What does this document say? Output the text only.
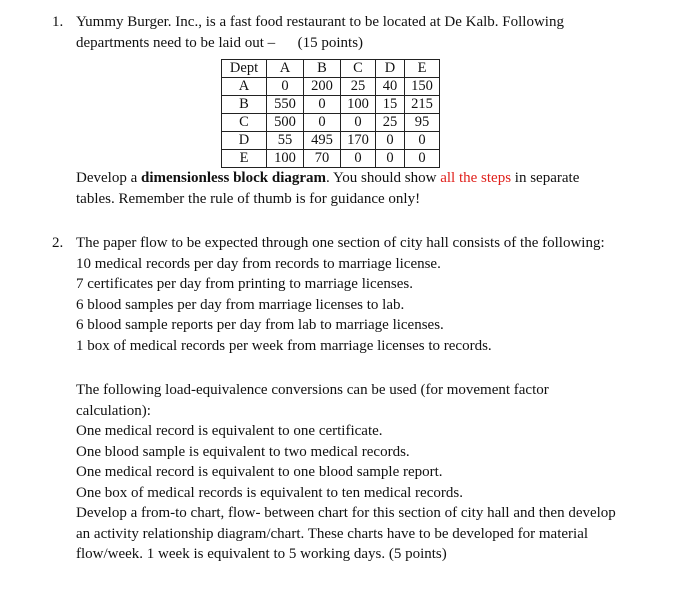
1. Yummy Burger. Inc., is a fast food restaurant to be located at De Kalb. Following
departments need to be laid out –      (15 points)
Dept	A	B	C	D	E
A	0	200	25	40	150
B	550	0	100	15	215
C	500	0	0	25	95
D	55	495	170	0	0
E	100	70	0	0	0
Develop a dimensionless block diagram. You should show all the steps in separate
tables. Remember the rule of thumb is for guidance only!
2. The paper flow to be expected through one section of city hall consists of the following:
10 medical records per day from records to marriage license.
7 certificates per day from printing to marriage licenses.
6 blood samples per day from marriage licenses to lab.
6 blood sample reports per day from lab to marriage licenses.
1 box of medical records per week from marriage licenses to records.
The following load-equivalence conversions can be used (for movement factor
calculation):
One medical record is equivalent to one certificate.
One blood sample is equivalent to two medical records.
One medical record is equivalent to one blood sample report.
One box of medical records is equivalent to ten medical records.
Develop a from-to chart, flow- between chart for this section of city hall and then develop
an activity relationship diagram/chart. These charts have to be developed for material
flow/week. 1 week is equivalent to 5 working days. (5 points)
